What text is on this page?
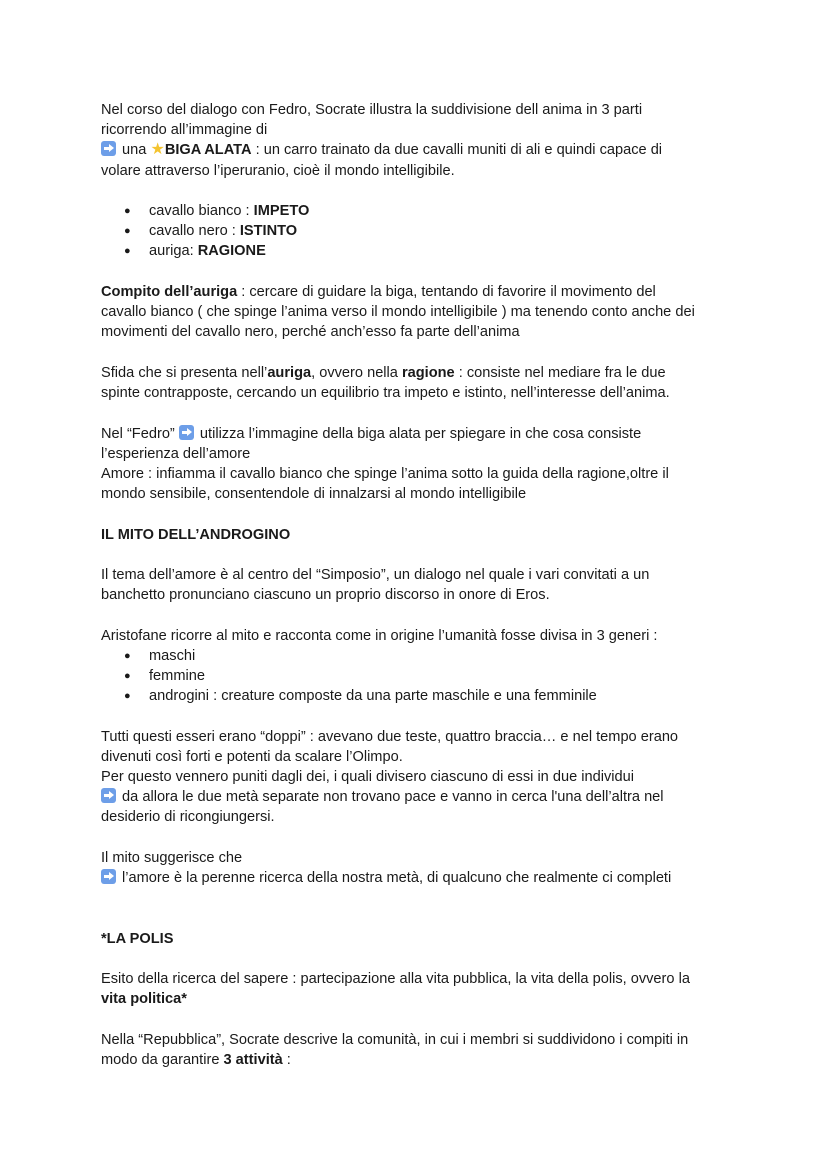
Nel corso del dialogo con Fedro, Socrate illustra la suddivisione dell anima in 3 parti

ricorrendo all’immagine di

una ★BIGA ALATA : un carro trainato da due cavalli muniti di ali e quindi capace di

volare attraverso l’iperuranio, cioè il mondo intelligibile.

● cavallo bianco : IMPETO
● cavallo nero : ISTINTO
● auriga: RAGIONE

Compito dell’auriga : cercare di guidare la biga, tentando di favorire il movimento del

cavallo bianco ( che spinge l’anima verso il mondo intelligibile ) ma tenendo conto anche dei

movimenti del cavallo nero, perché anch’esso fa parte dell’anima

Sfida che si presenta nell’auriga, ovvero nella ragione : consiste nel mediare fra le due

spinte contrapposte, cercando un equilibrio tra impeto e istinto, nell’interesse dell’anima.

Nel “Fedro”  utilizza l’immagine della biga alata per spiegare in che cosa consiste

l’esperienza dell’amore

Amore : infiamma il cavallo bianco che spinge l’anima sotto la guida della ragione,oltre il

mondo sensibile, consentendole di innalzarsi al mondo intelligibile

IL MITO DELL’ANDROGINO

Il tema dell’amore è al centro del “Simposio”, un dialogo nel quale i vari convitati a un

banchetto pronunciano ciascuno un proprio discorso in onore di Eros.

Aristofane ricorre al mito e racconta come in origine l’umanità fosse divisa in 3 generi :

● maschi
● femmine
● androgini : creature composte da una parte maschile e una femminile

Tutti questi esseri erano “doppi” : avevano due teste, quattro braccia… e nel tempo erano

divenuti così forti e potenti da scalare l’Olimpo.

Per questo vennero puniti dagli dei, i quali divisero ciascuno di essi in due individui

da allora le due metà separate non trovano pace e vanno in cerca l'una dell’altra nel

desiderio di ricongiungersi.

Il mito suggerisce che

l’amore è la perenne ricerca della nostra metà, di qualcuno che realmente ci completi

*LA POLIS

Esito della ricerca del sapere : partecipazione alla vita pubblica, la vita della polis, ovvero la

vita politica*

Nella “Repubblica”, Socrate descrive la comunità, in cui i membri si suddividono i compiti in

modo da garantire 3 attività :
